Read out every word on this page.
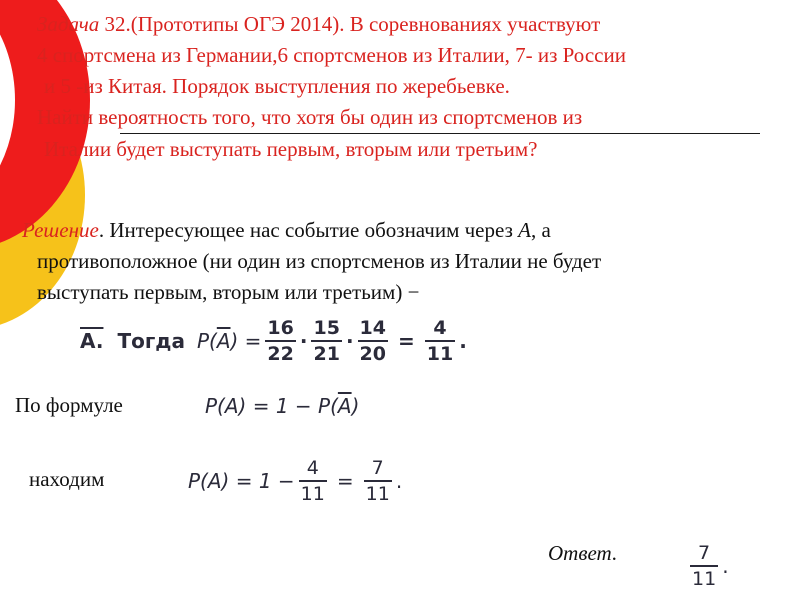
Задача 32.(Прототипы ОГЭ 2014). В соревнованиях участвуют
4 спортсмена из Германии,6 спортсменов из Италии, 7- из России
и 5 -из Китая. Порядок выступления по жеребьевке.
Найти вероятность того, что хотя бы один из спортсменов из
Италии будет выступать первым, вторым или третьим?
Решение. Интересующее нас событие обозначим через A, а
противоположное (ни один из спортсменов из Италии не будет
выступать первым, вторым или третьим) −
A. Тогда P( $\overline{A}$ ) = $\frac{16}{22} \cdot \frac{15}{21} \cdot \frac{14}{20} = \frac{4}{11}$ .
По формуле	P(A) = 1 − P( $\overline{A}$ )
находим	$P(A) = 1 - \frac{4}{11} = \frac{7}{11}$ .
Ответ.	$\frac{7}{11}$ .
